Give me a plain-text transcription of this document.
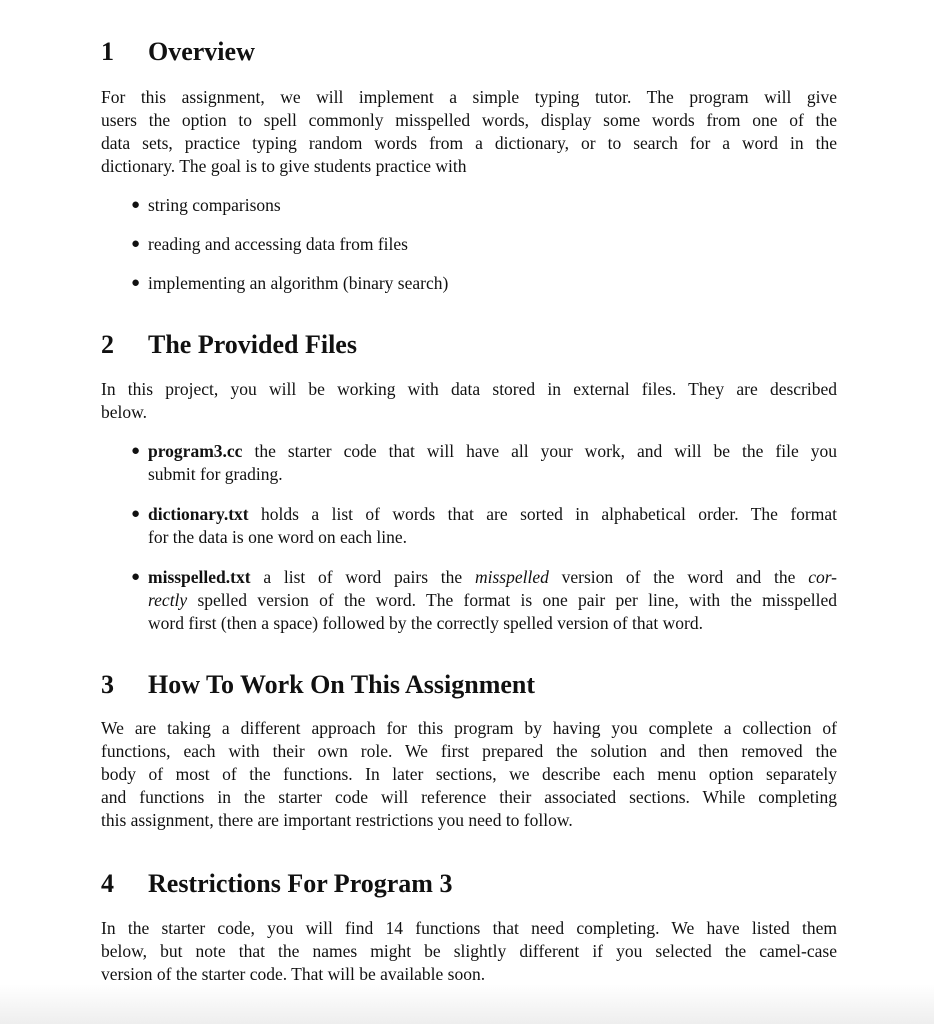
1 Overview
For this assignment, we will implement a simple typing tutor. The program will give
users the option to spell commonly misspelled words, display some words from one of the
data sets, practice typing random words from a dictionary, or to search for a word in the
dictionary. The goal is to give students practice with
● string comparisons
● reading and accessing data from files
● implementing an algorithm (binary search)
2 The Provided Files
In this project, you will be working with data stored in external files. They are described
below.
● program3.cc the starter code that will have all your work, and will be the file you
submit for grading.
● dictionary.txt holds a list of words that are sorted in alphabetical order. The format
for the data is one word on each line.
● misspelled.txt a list of word pairs the misspelled version of the word and the cor-
rectly spelled version of the word. The format is one pair per line, with the misspelled
word first (then a space) followed by the correctly spelled version of that word.
3 How To Work On This Assignment
We are taking a different approach for this program by having you complete a collection of
functions, each with their own role. We first prepared the solution and then removed the
body of most of the functions. In later sections, we describe each menu option separately
and functions in the starter code will reference their associated sections. While completing
this assignment, there are important restrictions you need to follow.
4 Restrictions For Program 3
In the starter code, you will find 14 functions that need completing. We have listed them
below, but note that the names might be slightly different if you selected the camel-case
version of the starter code. That will be available soon.
